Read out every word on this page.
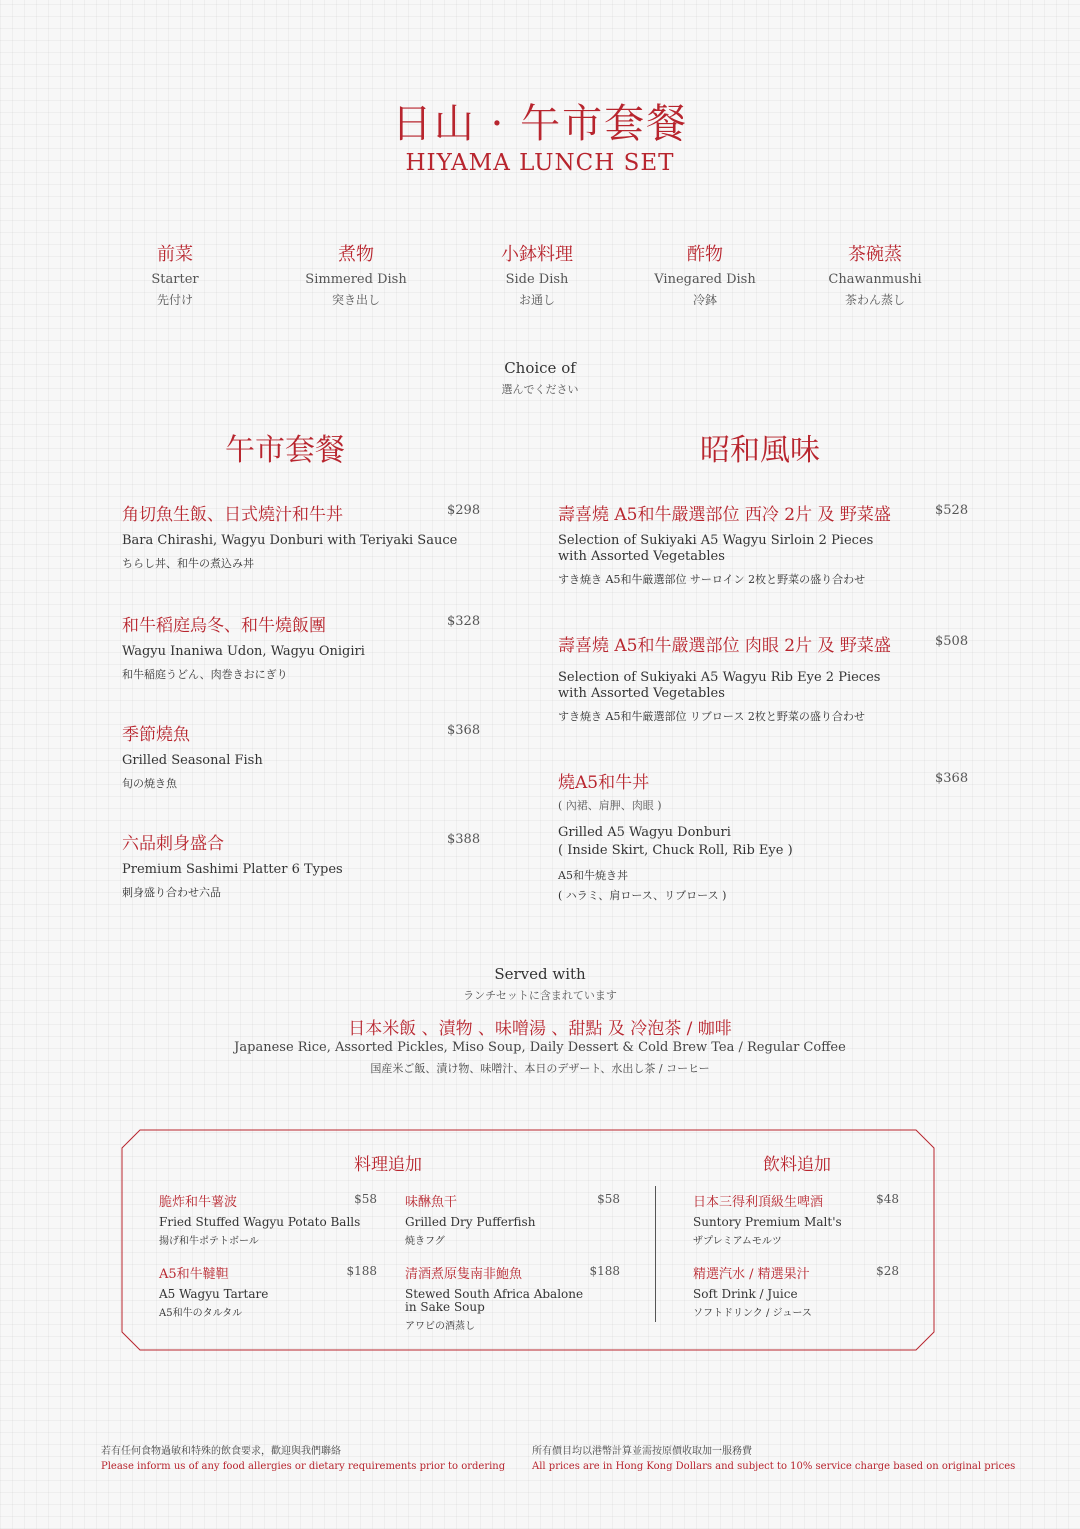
日山 · 午市套餐
HIYAMA LUNCH SET
前菜
Starter
先付け
煮物
Simmered Dish
突き出し
小鉢料理
Side Dish
お通し
酢物
Vinegared Dish
冷鉢
茶碗蒸
Chawanmushi
茶わん蒸し
Choice of
選んでください
午市套餐	昭和風味
角切魚生飯、日式燒汁和牛丼	$298
Bara Chirashi, Wagyu Donburi with Teriyaki Sauce
ちらし丼、和牛の煮込み丼
和牛稻庭烏冬、和牛燒飯團	$328
Wagyu Inaniwa Udon, Wagyu Onigiri
和牛稲庭うどん、肉巻きおにぎり
季節燒魚	$368
Grilled Seasonal Fish
旬の焼き魚
六品刺身盛合	$388
Premium Sashimi Platter 6 Types
刺身盛り合わせ六品
壽喜燒 A5和牛嚴選部位 西冷 2片 及 野菜盛	$528
Selection of Sukiyaki A5 Wagyu Sirloin 2 Pieces with Assorted Vegetables
すき焼き A5和牛厳選部位 サーロイン 2枚と野菜の盛り合わせ
壽喜燒 A5和牛嚴選部位 肉眼 2片 及 野菜盛	$508
Selection of Sukiyaki A5 Wagyu Rib Eye 2 Pieces with Assorted Vegetables
すき焼き A5和牛厳選部位 リブロース 2枚と野菜の盛り合わせ
燒A5和牛丼	$368
( 內裙、肩胛、肉眼 )
Grilled A5 Wagyu Donburi
( Inside Skirt, Chuck Roll, Rib Eye )
A5和牛焼き丼
( ハラミ、肩ロース、リブロース )
Served with
ランチセットに含まれています
日本米飯 、漬物 、味噌湯 、甜點 及 冷泡茶 / 咖啡
Japanese Rice, Assorted Pickles, Miso Soup, Daily Dessert & Cold Brew Tea / Regular Coffee
国産米ご飯、漬け物、味噌汁、本日のデザート、水出し茶 / コーヒー
料理追加	飲料追加
脆炸和牛薯波	$58
Fried Stuffed Wagyu Potato Balls
揚げ和牛ポテトボール
味醂魚干	$58
Grilled Dry Pufferfish
焼きフグ
A5和牛韃靼	$188
A5 Wagyu Tartare
A5和牛のタルタル
清酒煮原隻南非鮑魚	$188
Stewed South Africa Abalone in Sake Soup
アワビの酒蒸し
日本三得利頂級生啤酒	$48
Suntory Premium Malt's
ザプレミアムモルツ
精選汽水 / 精選果汁	$28
Soft Drink / Juice
ソフトドリンク / ジュース
若有任何食物過敏和特殊的飲食要求，歡迎與我們聯絡
Please inform us of any food allergies or dietary requirements prior to ordering
所有價目均以港幣計算並需按原價收取加一服務費
All prices are in Hong Kong Dollars and subject to 10% service charge based on original prices
